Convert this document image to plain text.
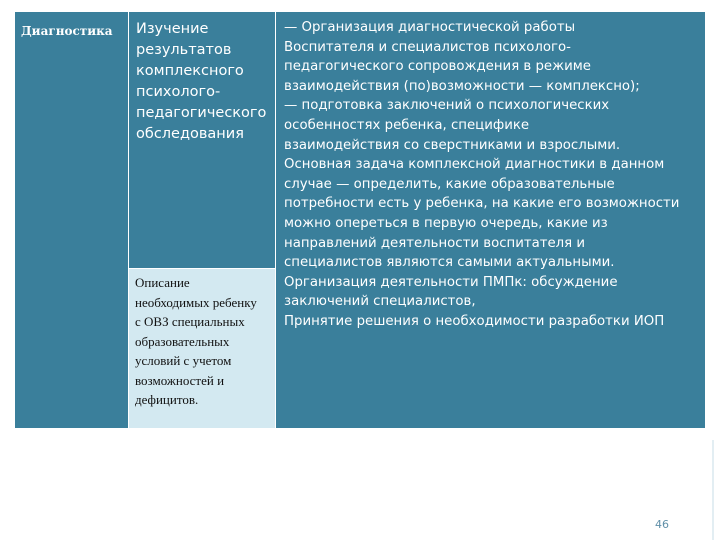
Диагностика	Изучение результатов комплексного психолого-педагогического обследования
Описание необходимых ребенку с ОВЗ специальных образовательных условий с учетом возможностей и дефицитов.
— Организация диагностической работы
Воспитателя и специалистов психолого-
педагогического сопровождения в режиме
взаимодействия (по)возможности — комплексно);
— подготовка заключений о психологических
особенностях ребенка, специфике
взаимодействия со сверстниками и взрослыми.
Основная задача комплексной диагностики в данном
случае — определить, какие образовательные
потребности есть у ребенка, на какие его возможности
можно опереться в первую очередь, какие из
направлений деятельности воспитателя и
специалистов являются самыми актуальными.
Организация деятельности ПМПк: обсуждение
заключений специалистов,
Принятие решения о необходимости разработки ИОП
46
